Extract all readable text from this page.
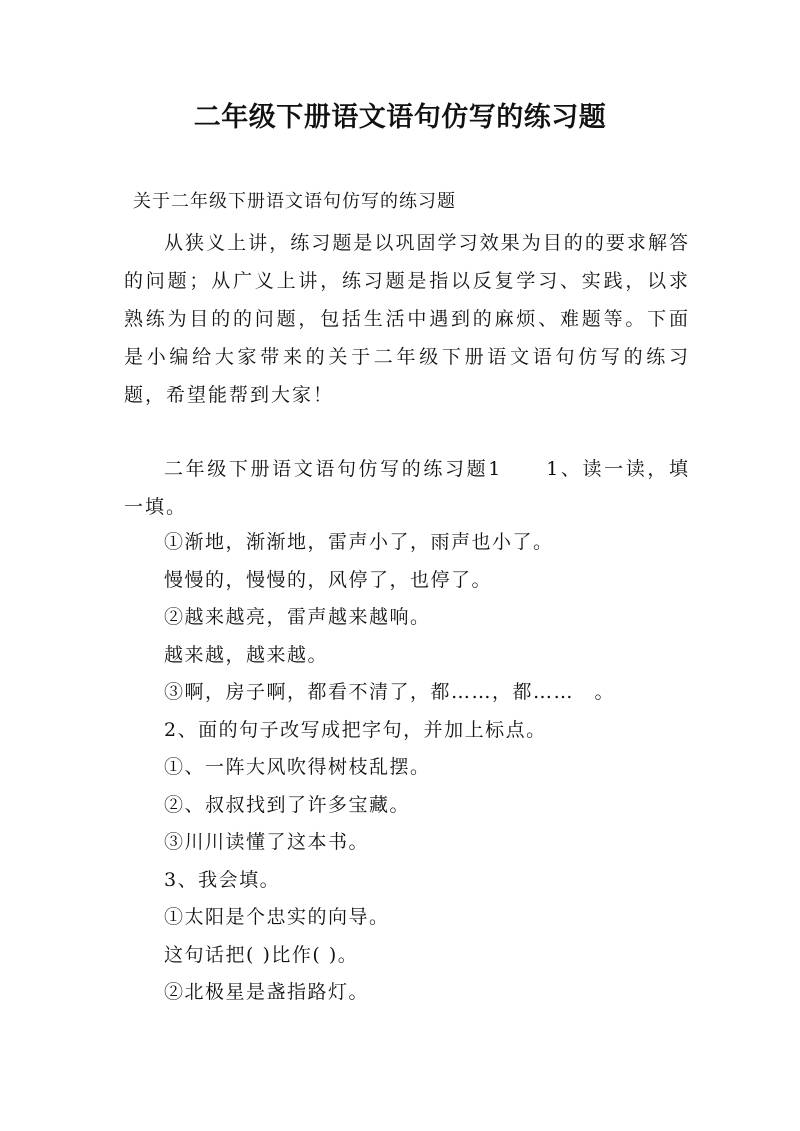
二年级下册语文语句仿写的练习题
关于二年级下册语文语句仿写的练习题
从狭义上讲，练习题是以巩固学习效果为目的的要求解答的问题；从广义上讲，练习题是指以反复学习、实践，以求熟练为目的的问题，包括生活中遇到的麻烦、难题等。下面是小编给大家带来的关于二年级下册语文语句仿写的练习题，希望能帮到大家！
二年级下册语文语句仿写的练习题1　　1、读一读，填一填。
①渐地，渐渐地，雷声小了，雨声也小了。
慢慢的，慢慢的，风停了，也停了。
②越来越亮，雷声越来越响。
越来越，越来越。
③啊，房子啊，都看不清了，都……，都……　。
2、面的句子改写成把字句，并加上标点。
①、一阵大风吹得树枝乱摆。
②、叔叔找到了许多宝藏。
③川川读懂了这本书。
3、我会填。
①太阳是个忠实的向导。
这句话把( )比作( )。
②北极星是盏指路灯。
